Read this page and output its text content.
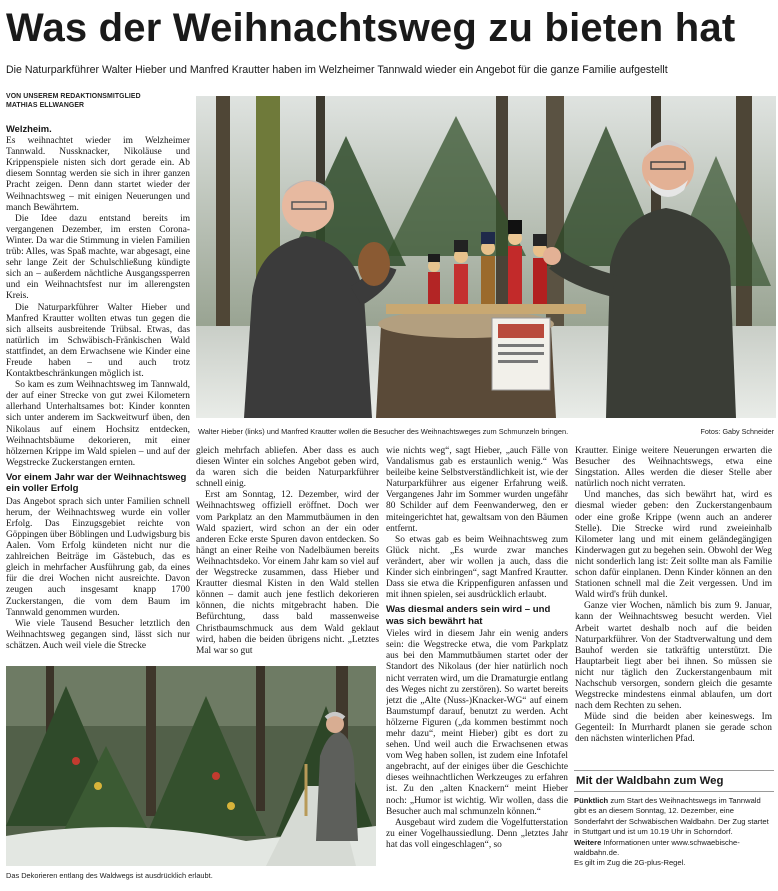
Was der Weihnachtsweg zu bieten hat
Die Naturparkführer Walter Hieber und Manfred Krautter haben im Welzheimer Tannwald wieder ein Angebot für die ganze Familie aufgestellt
VON UNSEREM REDAKTIONSMITGLIED
MATHIAS ELLWANGER
Walter Hieber (links) und Manfred Krautter wollen die Besucher des Weihnachtsweges zum Schmunzeln bringen.	Fotos: Gaby Schneider

Welzheim.

Es weihnachtet wieder im Welzheimer Tannwald. Nussknacker, Nikoläuse und Krippenspiele nisten sich dort gerade ein. Ab diesem Sonntag werden sie sich in ihrer ganzen Pracht zeigen. Denn dann startet wieder der Weihnachtsweg – mit einigen Neuerungen und manch Bewährtem.

Die Idee dazu entstand bereits im vergangenen Dezember, im ersten Corona-Winter. Da war die Stimmung in vielen Familien trüb: Alles, was Spaß machte, war abgesagt, eine sehr lange Zeit der Schulschließung kündigte sich an – außerdem nächtliche Ausgangssperren und ein Weihnachtsfest nur im allerengsten Kreis.

Die Naturparkführer Walter Hieber und Manfred Krautter wollten etwas tun gegen die sich allseits ausbreitende Trübsal. Etwas, das natürlich im Schwäbisch-Fränkischen Wald stattfindet, an dem Erwachsene wie Kinder eine Freude haben – und auch trotz Kontaktbeschränkungen möglich ist.

So kam es zum Weihnachtsweg im Tannwald, der auf einer Strecke von gut zwei Kilometern allerhand Unterhaltsames bot: Kinder konnten sich unter anderem im Sackweitwurf üben, den Nikolaus auf einem Hochsitz entdecken, Weihnachtsbäume dekorieren, mit einer hölzernen Krippe im Wald spielen – und auf der Wegstrecke Zuckerstangen ernten.

Vor einem Jahr war der Weihnachtsweg ein voller Erfolg

Das Angebot sprach sich unter Familien schnell herum, der Weihnachtsweg wurde ein voller Erfolg. Das Einzugsgebiet reichte von Göppingen über Böblingen und Ludwigsburg bis Aalen. Vom Erfolg kündeten nicht nur die zahlreichen Beiträge im Gästebuch, das es gleich in mehrfacher Ausführung gab, da eines für die drei Wochen nicht ausreichte. Davon zeugen auch insgesamt knapp 1700 Zuckerstangen, die vom dem Baum im Tannwald genommen wurden.

Wie viele Tausend Besucher letztlich den Weihnachtsweg gegangen sind, lässt sich nur schätzen. Auch weil viele die Strecke

gleich mehrfach abliefen. Aber dass es auch diesen Winter ein solches Angebot geben wird, da waren sich die beiden Naturparkführer schnell einig.

Erst am Sonntag, 12. Dezember, wird der Weihnachtsweg offiziell eröffnet. Doch wer vom Parkplatz an den Mammutbäumen in den Wald spaziert, wird schon an der ein oder anderen Ecke erste Spuren davon entdecken. So hängt an einer Reihe von Nadelbäumen bereits Weihnachtsdeko. Vor einem Jahr kam so viel auf der Wegstrecke zusammen, dass Hieber und Krautter diesmal Kisten in den Wald stellen können – damit auch jene festlich dekorieren können, die nichts mitgebracht haben. Die Befürchtung, dass bald massenweise Christbaumschmuck aus dem Wald geklaut wird, haben die beiden übrigens nicht. „Letztes Mal war so gut

wie nichts weg“, sagt Hieber, „auch Fälle von Vandalismus gab es erstaunlich wenig.“ Was beileibe keine Selbstverständlichkeit ist, wie der Naturparkführer aus eigener Erfahrung weiß. Vergangenes Jahr im Sommer wurden ungefähr 80 Schilder auf dem Feenwanderweg, den er miteingerichtet hat, gewaltsam von den Bäumen entfernt.

So etwas gab es beim Weihnachtsweg zum Glück nicht. „Es wurde zwar manches verändert, aber wir wollen ja auch, dass die Kinder sich einbringen“, sagt Manfred Krautter. Dass sie etwa die Krippenfiguren anfassen und mit ihnen spielen, sei ausdrücklich erlaubt.

Was diesmal anders sein wird – und was sich bewährt hat

Vieles wird in diesem Jahr ein wenig anders sein: die Wegstrecke etwa, die vom Parkplatz aus bei den Mammutbäumen startet oder der Standort des Nikolaus (der hier natürlich noch nicht verraten wird, um die Dramaturgie entlang des Weges nicht zu zerstören). So wartet bereits jetzt die „Alte (Nuss-)Knacker-WG“ auf einem Baumstumpf darauf, benutzt zu werden. Acht hölzerne Figuren („da kommen bestimmt noch mehr dazu“, meint Hieber) gibt es dort zu sehen. Und weil auch die Erwachsenen etwas vom Weg haben sollen, ist zudem eine Infotafel angebracht, auf der einiges über die Geschichte dieses weihnachtlichen Werkzeuges zu erfahren ist. Zu den „alten Knackern“ meint Hieber noch: „Humor ist wichtig. Wir wollen, dass die Besucher auch mal schmunzeln können.“

Ausgebaut wird zudem die Vogelfutterstation zu einer Vogelhaussiedlung. Denn „letztes Jahr hat das voll eingeschlagen“, so

Krautter. Einige weitere Neuerungen erwarten die Besucher des Weihnachtswegs, etwa eine Singstation. Alles werden die dieser Stelle aber natürlich noch nicht verraten.

Und manches, das sich bewährt hat, wird es diesmal wieder geben: den Zuckerstangenbaum oder eine große Krippe (wenn auch an anderer Stelle). Die Strecke wird rund zweieinhalb Kilometer lang und mit einem geländegängigen Kinderwagen gut zu begehen sein. Obwohl der Weg nicht sonderlich lang ist: Zeit sollte man als Familie schon dafür einplanen. Denn Kinder können an den Stationen schnell mal die Zeit vergessen. Und im Wald wird's früh dunkel.

Ganze vier Wochen, nämlich bis zum 9. Januar, kann der Weihnachtsweg besucht werden. Viel Arbeit wartet deshalb noch auf die beiden Naturparkführer. Von der Stadtverwaltung und dem Bauhof werden sie tatkräftig unterstützt. Die Hauptarbeit liegt aber bei ihnen. So müssen sie nicht nur täglich den Zuckerstangenbaum mit Nachschub versorgen, sondern gleich die gesamte Wegstrecke mindestens einmal ablaufen, um dort nach dem Rechten zu sehen.

Müde sind die beiden aber keineswegs. Im Gegenteil: In Murrhardt planen sie gerade schon den nächsten winterlichen Pfad.

Das Dekorieren entlang des Waldwegs ist ausdrücklich erlaubt.
Mit der Waldbahn zum Weg

Pünktlich zum Start des Weihnachtswegs im Tannwald gibt es an diesem Sonntag, 12. Dezember, eine Sonderfahrt der Schwäbischen Waldbahn. Der Zug startet in Stuttgart und ist um 10.19 Uhr in Schorndorf.

Weitere Informationen unter www.schwaebische-waldbahn.de.

Es gilt im Zug die 2G-plus-Regel.
